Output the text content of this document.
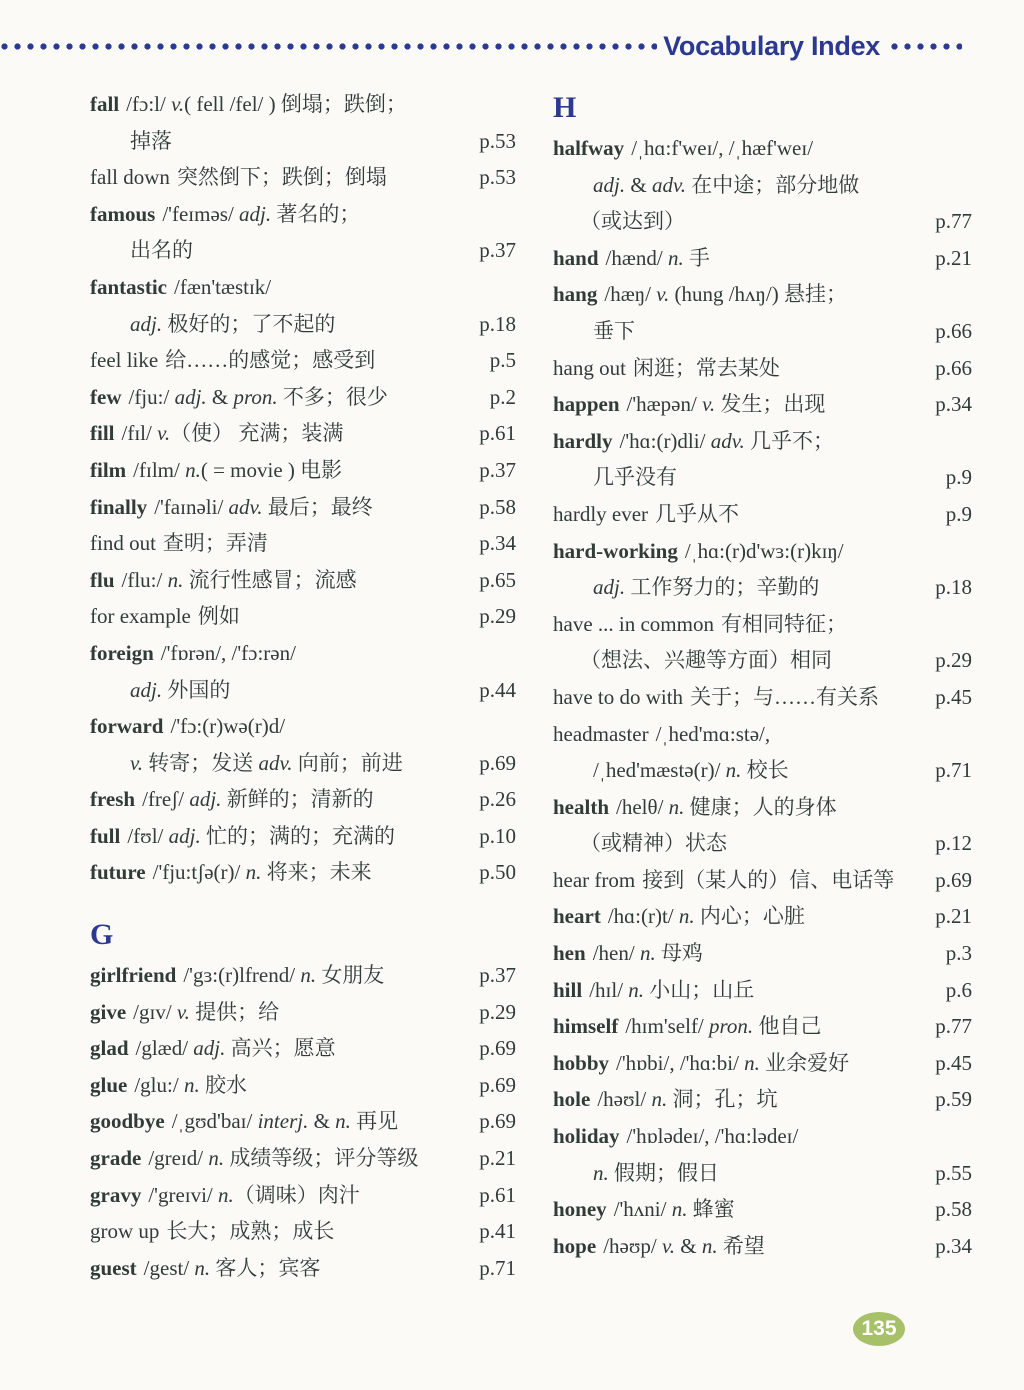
Vocabulary Index
fall /fɔ:l/ v.( fell /fel/ ) 倒塌；跌倒；
掉落	p.53
fall down 突然倒下；跌倒；倒塌	p.53
famous /'feɪməs/ adj. 著名的；
出名的	p.37
fantastic /fæn'tæstɪk/
adj. 极好的；了不起的	p.18
feel like 给……的感觉；感受到	p.5
few /fju:/ adj. & pron. 不多；很少	p.2
fill /fɪl/ v.（使） 充满；装满	p.61
film /fɪlm/ n.( = movie ) 电影	p.37
finally /'faɪnəli/ adv. 最后；最终	p.58
find out 查明；弄清	p.34
flu /flu:/ n. 流行性感冒；流感	p.65
for example 例如	p.29
foreign /'fɒrən/, /'fɔ:rən/
adj. 外国的	p.44
forward /'fɔ:(r)wə(r)d/
v. 转寄；发送 adv. 向前；前进	p.69
fresh /freʃ/ adj. 新鲜的；清新的	p.26
full /fʊl/ adj. 忙的；满的；充满的	p.10
future /'fju:tʃə(r)/ n. 将来；未来	p.50
G
girlfriend /'gɜ:(r)lfrend/ n. 女朋友	p.37
give /gɪv/ v. 提供；给	p.29
glad /glæd/ adj. 高兴；愿意	p.69
glue /glu:/ n. 胶水	p.69
goodbye /ˌgʊd'baɪ/ interj. & n. 再见	p.69
grade /greɪd/ n. 成绩等级；评分等级	p.21
gravy /'greɪvi/ n.（调味）肉汁	p.61
grow up 长大；成熟；成长	p.41
guest /gest/ n. 客人；宾客	p.71
H
halfway /ˌhɑ:f'weɪ/, /ˌhæf'weɪ/
adj. & adv. 在中途；部分地做
（或达到）	p.77
hand /hænd/ n. 手	p.21
hang /hæŋ/ v. (hung /hʌŋ/) 悬挂；
垂下	p.66
hang out 闲逛；常去某处	p.66
happen /'hæpən/ v. 发生；出现	p.34
hardly /'hɑ:(r)dli/ adv. 几乎不；
几乎没有	p.9
hardly ever 几乎从不	p.9
hard-working /ˌhɑ:(r)d'wɜ:(r)kɪŋ/
adj. 工作努力的；辛勤的	p.18
have ... in common 有相同特征；
（想法、兴趣等方面）相同	p.29
have to do with 关于；与……有关系	p.45
headmaster /ˌhed'mɑ:stə/,
/ˌhed'mæstə(r)/ n. 校长	p.71
health /helθ/ n. 健康；人的身体
（或精神）状态	p.12
hear from 接到（某人的）信、电话等	p.69
heart /hɑ:(r)t/ n. 内心；心脏	p.21
hen /hen/ n. 母鸡	p.3
hill /hɪl/ n. 小山；山丘	p.6
himself /hɪm'self/ pron. 他自己	p.77
hobby /'hɒbi/, /'hɑ:bi/ n. 业余爱好	p.45
hole /həʊl/ n. 洞；孔；坑	p.59
holiday /'hɒlədeɪ/, /'hɑ:lədeɪ/
n. 假期；假日	p.55
honey /'hʌni/ n. 蜂蜜	p.58
hope /həʊp/ v. & n. 希望	p.34
135
